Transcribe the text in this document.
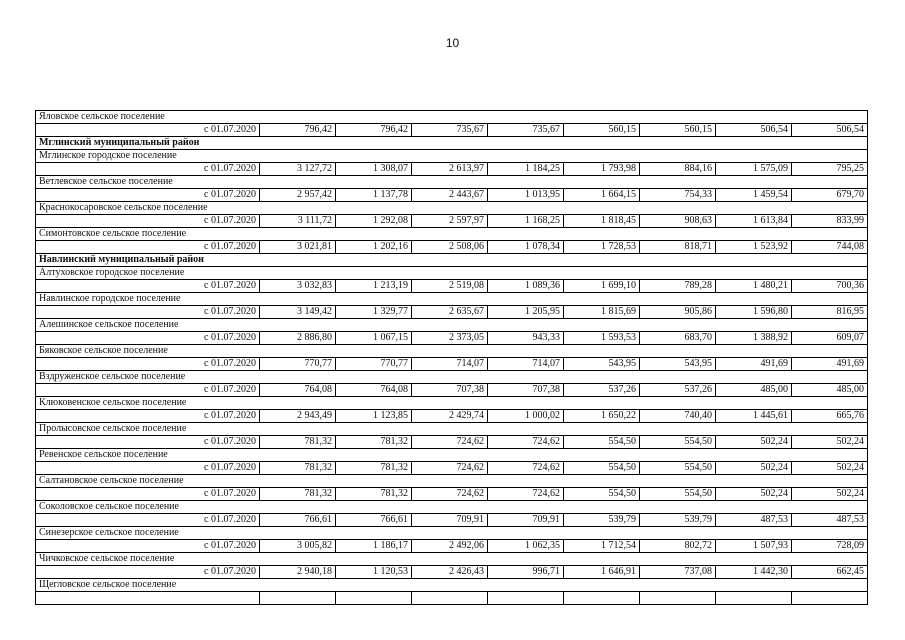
10
Яловское сельское поселение								
с 01.07.2020	796,42	796,42	735,67	735,67	560,15	560,15	506,54	506,54
Мглинский муниципальный район								
Мглинское городское поселение								
с 01.07.2020	3 127,72	1 308,07	2 613,97	1 184,25	1 793,98	884,16	1 575,09	795,25
Ветлевское сельское поселение								
с 01.07.2020	2 957,42	1 137,78	2 443,67	1 013,95	1 664,15	754,33	1 459,54	679,70
Краснокосаровское сельское поселение								
с 01.07.2020	3 111,72	1 292,08	2 597,97	1 168,25	1 818,45	908,63	1 613,84	833,99
Симонтовское сельское поселение								
с 01.07.2020	3 021,81	1 202,16	2 508,06	1 078,34	1 728,53	818,71	1 523,92	744,08
Навлинский муниципальный район								
Алтуховское городское поселение								
с 01.07.2020	3 032,83	1 213,19	2 519,08	1 089,36	1 699,10	789,28	1 480,21	700,36
Навлинское городское поселение								
с 01.07.2020	3 149,42	1 329,77	2 635,67	1 205,95	1 815,69	905,86	1 596,80	816,95
Алешинское сельское поселение								
с 01.07.2020	2 886,80	1 067,15	2 373,05	943,33	1 593,53	683,70	1 388,92	609,07
Бяковское сельское поселение								
с 01.07.2020	770,77	770,77	714,07	714,07	543,95	543,95	491,69	491,69
Вздруженское сельское поселение								
с 01.07.2020	764,08	764,08	707,38	707,38	537,26	537,26	485,00	485,00
Клюковенское сельское поселение								
с 01.07.2020	2 943,49	1 123,85	2 429,74	1 000,02	1 650,22	740,40	1 445,61	665,76
Пролысовское сельское поселение								
с 01.07.2020	781,32	781,32	724,62	724,62	554,50	554,50	502,24	502,24
Ревенское сельское поселение								
с 01.07.2020	781,32	781,32	724,62	724,62	554,50	554,50	502,24	502,24
Салтановское сельское поселение								
с 01.07.2020	781,32	781,32	724,62	724,62	554,50	554,50	502,24	502,24
Соколовское сельское поселение								
с 01.07.2020	766,61	766,61	709,91	709,91	539,79	539,79	487,53	487,53
Синезерское сельское поселение								
с 01.07.2020	3 005,82	1 186,17	2 492,06	1 062,35	1 712,54	802,72	1 507,93	728,09
Чичковское сельское поселение								
с 01.07.2020	2 940,18	1 120,53	2 426,43	996,71	1 646,91	737,08	1 442,30	662,45
Щегловское сельское поселение								
